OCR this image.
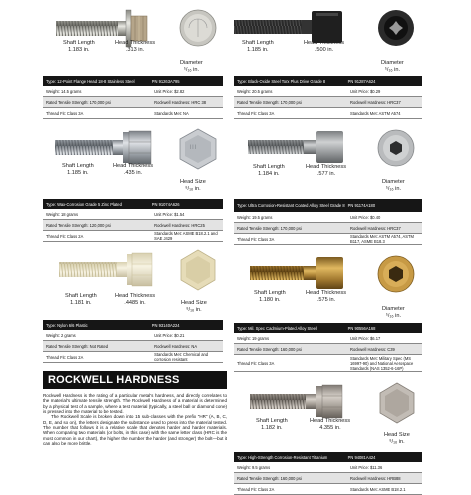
Shaft Length
1.183 in.
Head Thickness
.313 in.
Diameter
⁵/₁₆ in.
Type: 12-Point Flange Head 18-8 Stainless Steel	PN 91263A795
Weight: 14.5 grams	Unit Price: $2.82
Rated Tensile Strength: 170,000 psi	Rockwell Hardness: HRC 38
Thread Fit: Class 3A	Standards Met: NA
Shaft Length
1.185 in.
Head Thickness
.500 in.
Diameter
⁵/₁₆ in.
Type: Black-Oxide Steel Torx Plus Drive Grade 8	PN 91287A624
Weight: 20.5 grams	Unit Price: $0.29
Rated Tensile Strength: 170,000 psi	Rockwell Hardness: HRC37
Thread Fit: Class 3A	Standards Met: ASTM A574
| | |
Shaft Length
1.185 in.
Head Thickness
.435 in.
Head Size
⁹/₁₆ in.
Type: Wax-Corrosion Grade 5 Zinc Plated	PN 91074A626
Weight: 18 grams	Unit Price: $1.54
Rated Tensile Strength: 120,000 psi	Rockwell Hardness: HRC25
Thread Fit: Class 2A	Standards Met: ASME B18.2.1 and SAE J429
Shaft Length
1.184 in.
Head Thickness
.577 in.
Diameter
⁵/₁₆ in.
Type: Ultra Corrosion-Resistant Coated Alloy Steel Grade 8 PN 91174A180
Weight: 19.5 grams	Unit Price: $0.40
Rated Tensile Strength: 170,000 psi	Rockwell Hardness: HRC37
Thread Fit: Class 3A	Standards Met: ASTM A574, ASTM B117, ASME B18.3
Shaft Length
1.181 in.
Head Thickness
.4485 in.	Head Size
⁹/₁₆ in.
Type: Nylon 6/6 Plastic	PN 93140A224
Weight: 2 grams	Unit Price: $0.21
Rated Tensile Strength: Not Rated	Rockwell Hardness: NA
Thread Fit: Class 2A	Standards Met: Chemical and corrosion resistant
Shaft Length
1.180 in.
Head Thickness
.575 in.
Diameter
⁵/₁₆ in.
Type: Mil. Spec Cadmium-Plated Alloy Steel	PN 90556A168
Weight: 19 grams	Unit Price: $6.17
Rated Tensile Strength: 160,000 psi	Rockwell Hardness: C39
Thread Fit: Class 3A
Standards Met: Military Spec (MS 16997-90) and National Aerospace Standards (NAS 1352-6-16P)
Shaft Length
1.182 in.
Head Thickness
4.355 in.
Head Size
⁹/₁₆ in.
Type: High-Strength Corrosion-Resistant Titanium	PN 94081A424
Weight: 9.5 grams	Unit Price: $11.36
Rated Tensile Strength: 160,000 psi	Rockwell Hardness: HRB88
Thread Fit: Class 2A	Standards Met: ASME B18.2.1
ROCKWELL HARDNESS

Rockwell Hardness is the rating of a particular metal's hardness, and directly correlates to the material's ultimate tensile strength. The Rockwell Hardness of a material is determined by a physical test of a sample, where a test material (typically, a steel ball or diamond cone) is pressed into the material to be tested.

The Rockwell Scale is broken down into 15 sub-classes with the prefix "HR" (A, B, C, D, E, and so on), the letters designate the substance used to press into the material tested. The number that follows it is a relative scale that denotes harder and harder materials. When comparing two materials (or bolts, in this case) with the same letter class (HRC is the most common in our chart), the higher the number the harder (and stronger) the bolt—but it can also be more brittle.
